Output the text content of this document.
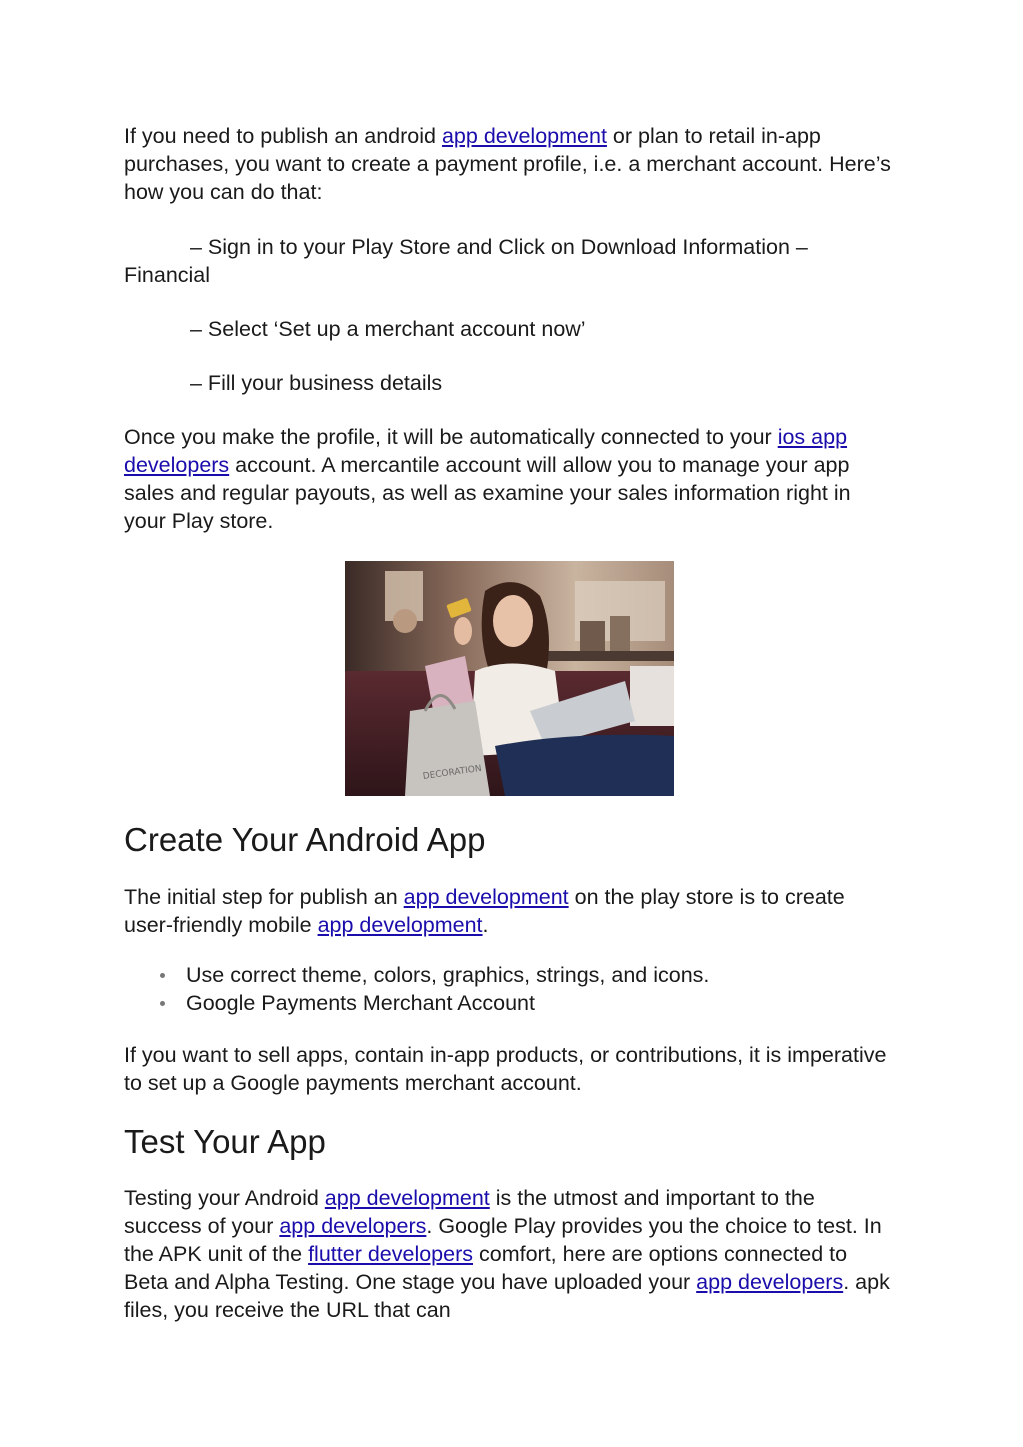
If you need to publish an android app development or plan to retail in-app purchases, you want to create a payment profile, i.e. a merchant account. Here’s how you can do that:

– Sign in to your Play Store and Click on Download Information – Financial

– Select ‘Set up a merchant account now’

– Fill your business details

Once you make the profile, it will be automatically connected to your ios app developers account. A mercantile account will allow you to manage your app sales and regular payouts, as well as examine your sales information right in your Play store.

DECORATION
Create Your Android App

The initial step for publish an app development on the play store is to create user-friendly mobile app development.

Use correct theme, colors, graphics, strings, and icons.
Google Payments Merchant Account

If you want to sell apps, contain in-app products, or contributions, it is imperative to set up a Google payments merchant account.

Test Your App

Testing your Android app development is the utmost and important to the success of your app developers. Google Play provides you the choice to test. In the APK unit of the flutter developers comfort, here are options connected to Beta and Alpha Testing. One stage you have uploaded your app developers. apk files, you receive the URL that can
